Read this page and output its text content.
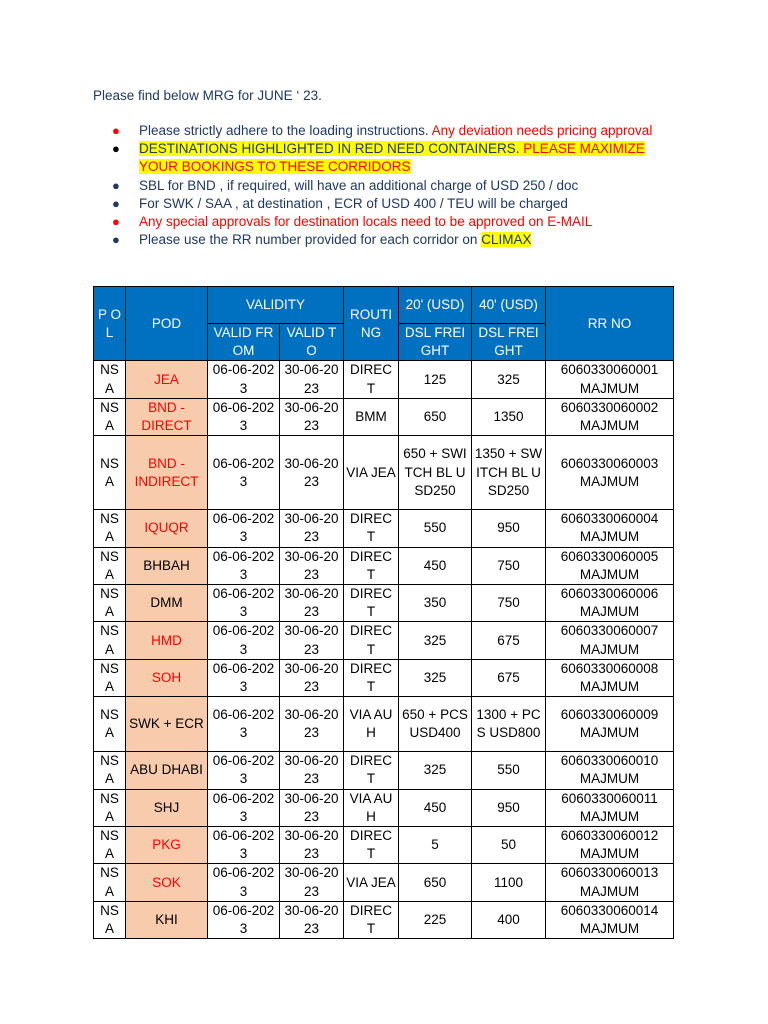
Please find below MRG for JUNE ‘ 23.

● Please strictly adhere to the loading instructions. Any deviation needs pricing approval
● DESTINATIONS HIGHLIGHTED IN RED NEED CONTAINERS. PLEASE MAXIMIZE YOUR BOOKINGS TO THESE CORRIDORS
● SBL for BND , if required, will have an additional charge of USD 250 / doc
● For SWK / SAA , at destination , ECR of USD 400 / TEU will be charged
● Any special approvals for destination locals need to be approved on E-MAIL
● Please use the RR number provided for each corridor on CLIMAX
P OL	POD	VALIDITY		ROUTI NG	20' (USD)	40' (USD)	RR NO
		VALID FROM	VALID TO		DSL FREIGHT	DSL FREIGHT	
NS A	JEA	06-06-2023	30-06-2023	DIREC T	125	325	6060330060001 MAJMUM
NS A	BND - DIRECT	06-06-2023	30-06-2023	BMM	650	1350	6060330060002 MAJMUM
NS A	BND - INDIRECT	06-06-2023	30-06-2023	VIA JEA	650 + SWITCH BL USD250	1350 + SWITCH BL USD250	6060330060003 MAJMUM
NS A	IQUQR	06-06-2023	30-06-2023	DIREC T	550	950	6060330060004 MAJMUM
NS A	BHBAH	06-06-2023	30-06-2023	DIREC T	450	750	6060330060005 MAJMUM
NS A	DMM	06-06-2023	30-06-2023	DIREC T	350	750	6060330060006 MAJMUM
NS A	HMD	06-06-2023	30-06-2023	DIREC T	325	675	6060330060007 MAJMUM
NS A	SOH	06-06-2023	30-06-2023	DIREC T	325	675	6060330060008 MAJMUM
NS A	SWK + ECR	06-06-2023	30-06-2023	VIA AUH	650 + PCS USD400	1300 + PCS USD800	6060330060009 MAJMUM
NS A	ABU DHABI	06-06-2023	30-06-2023	DIREC T	325	550	6060330060010 MAJMUM
NS A	SHJ	06-06-2023	30-06-2023	VIA AUH	450	950	6060330060011 MAJMUM
NS A	PKG	06-06-2023	30-06-2023	DIREC T	5	50	6060330060012 MAJMUM
NS A	SOK	06-06-2023	30-06-2023	VIA JEA	650	1100	6060330060013 MAJMUM
NS A	KHI	06-06-2023	30-06-2023	DIREC T	225	400	6060330060014 MAJMUM
